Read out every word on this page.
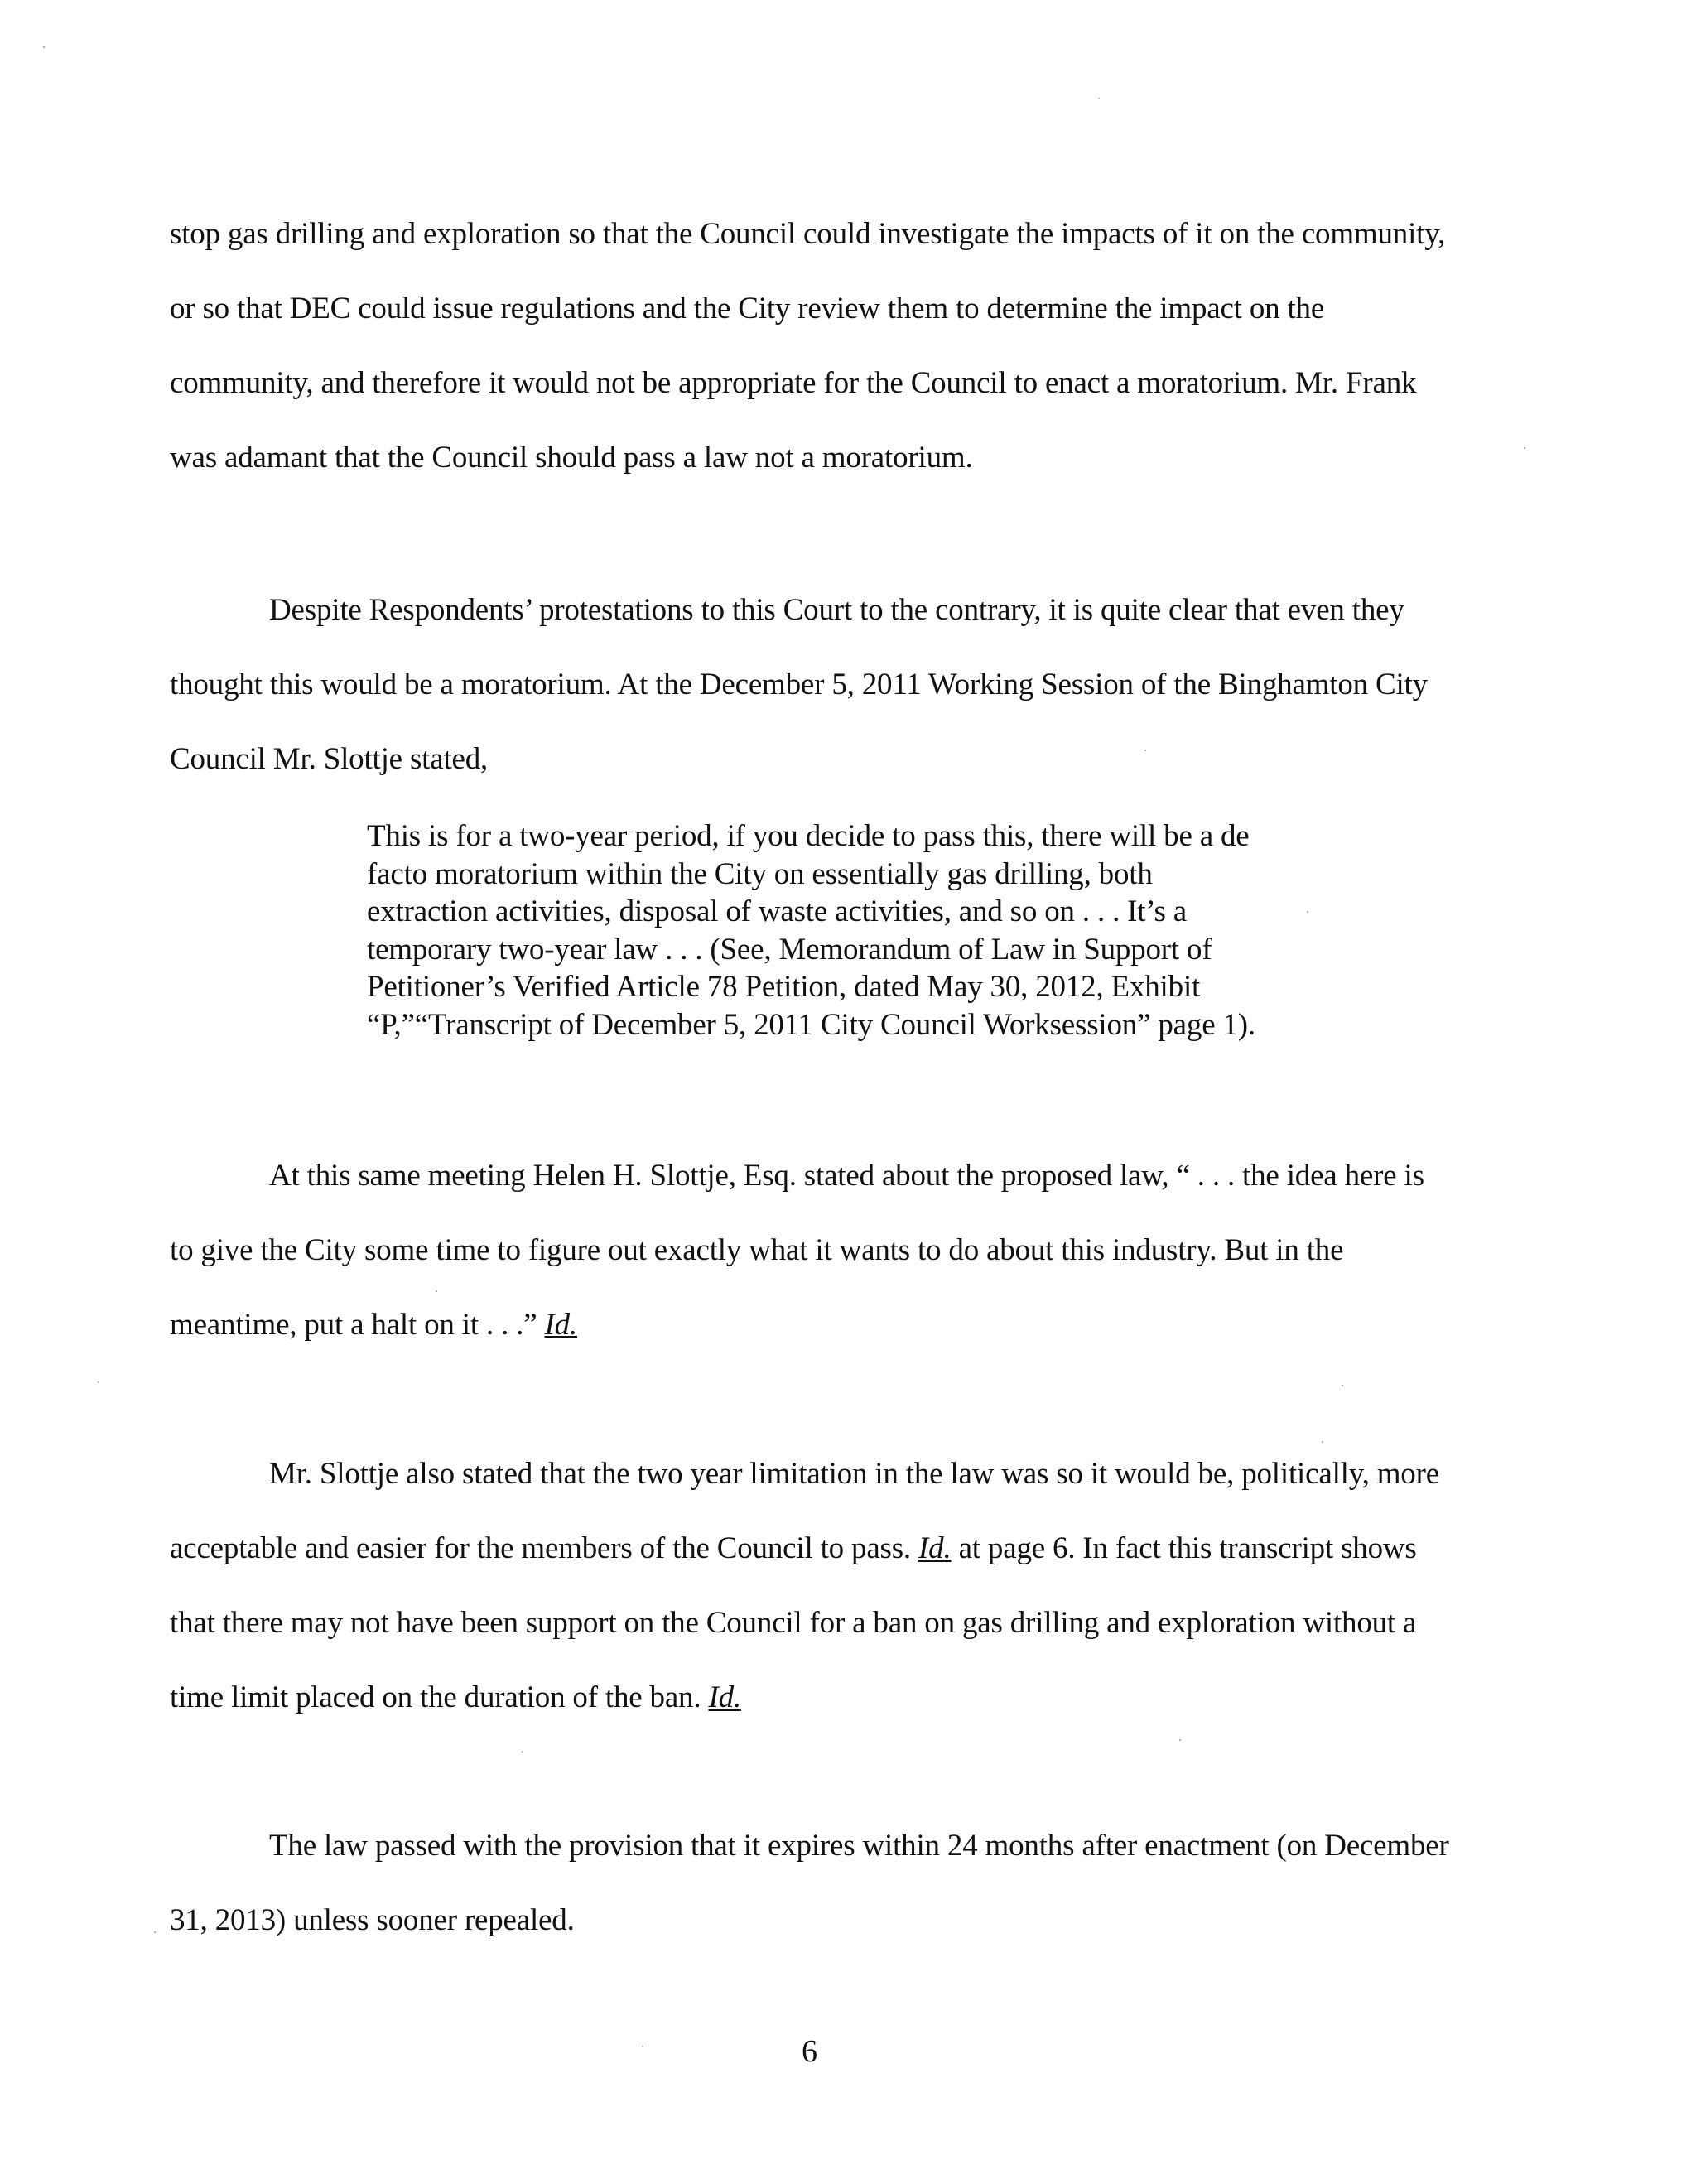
stop gas drilling and exploration so that the Council could investigate the impacts of it on the community, or so that DEC could issue regulations and the City review them to determine the impact on the community, and therefore it would not be appropriate for the Council to enact a moratorium. Mr. Frank was adamant that the Council should pass a law not a moratorium.

Despite Respondents’ protestations to this Court to the contrary, it is quite clear that even they thought this would be a moratorium. At the December 5, 2011 Working Session of the Binghamton City Council Mr. Slottje stated,

This is for a two-year period, if you decide to pass this, there will be a de facto moratorium within the City on essentially gas drilling, both extraction activities, disposal of waste activities, and so on . . . It’s a temporary two-year law . . . (See, Memorandum of Law in Support of Petitioner’s Verified Article 78 Petition, dated May 30, 2012, Exhibit “P,”“Transcript of December 5, 2011 City Council Worksession” page 1).

At this same meeting Helen H. Slottje, Esq. stated about the proposed law, “ . . . the idea here is to give the City some time to figure out exactly what it wants to do about this industry. But in the meantime, put a halt on it . . .” Id.

Mr. Slottje also stated that the two year limitation in the law was so it would be, politically, more acceptable and easier for the members of the Council to pass. Id. at page 6. In fact this transcript shows that there may not have been support on the Council for a ban on gas drilling and exploration without a time limit placed on the duration of the ban. Id.

The law passed with the provision that it expires within 24 months after enactment (on December 31, 2013) unless sooner repealed.

6
